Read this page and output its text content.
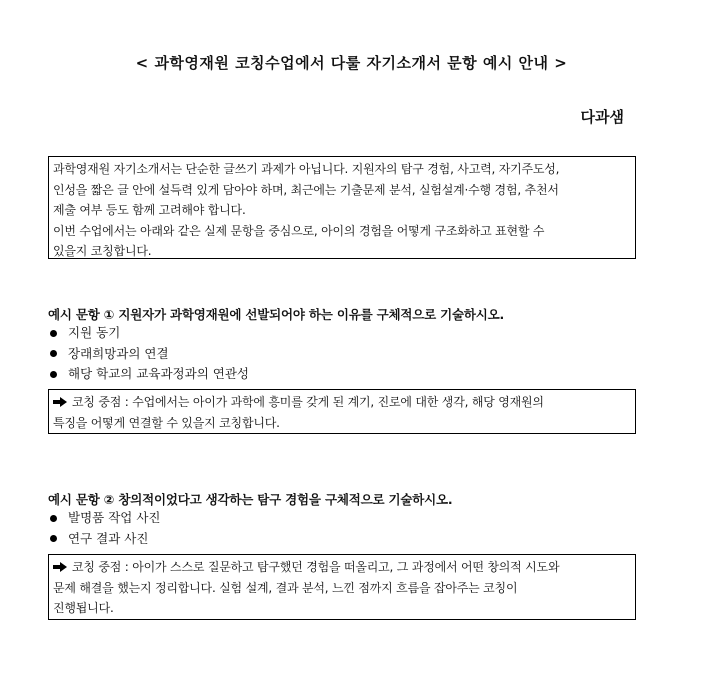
< 과학영재원 코칭수업에서 다룰 자기소개서 문항 예시 안내 >
다과샘
과학영재원 자기소개서는 단순한 글쓰기 과제가 아닙니다. 지원자의 탐구 경험, 사고력, 자기주도성,
인성을 짧은 글 안에 설득력 있게 담아야 하며, 최근에는 기출문제 분석, 실험설계·수행 경험, 추천서
제출 여부 등도 함께 고려해야 합니다.
이번 수업에서는 아래와 같은 실제 문항을 중심으로, 아이의 경험을 어떻게 구조화하고 표현할 수
있을지 코칭합니다.
예시 문항 ① 지원자가 과학영재원에 선발되어야 하는 이유를 구체적으로 기술하시오.
지원 동기
장래희망과의 연결
해당 학교의 교육과정과의 연관성
코칭 중점 : 수업에서는 아이가 과학에 흥미를 갖게 된 계기, 진로에 대한 생각, 해당 영재원의
특징을 어떻게 연결할 수 있을지 코칭합니다.
예시 문항 ② 창의적이었다고 생각하는 탐구 경험을 구체적으로 기술하시오.
발명품 작업 사진
연구 결과 사진
코칭 중점 : 아이가 스스로 질문하고 탐구했던 경험을 떠올리고, 그 과정에서 어떤 창의적 시도와
문제 해결을 했는지 정리합니다. 실험 설계, 결과 분석, 느낀 점까지 흐름을 잡아주는 코칭이
진행됩니다.
